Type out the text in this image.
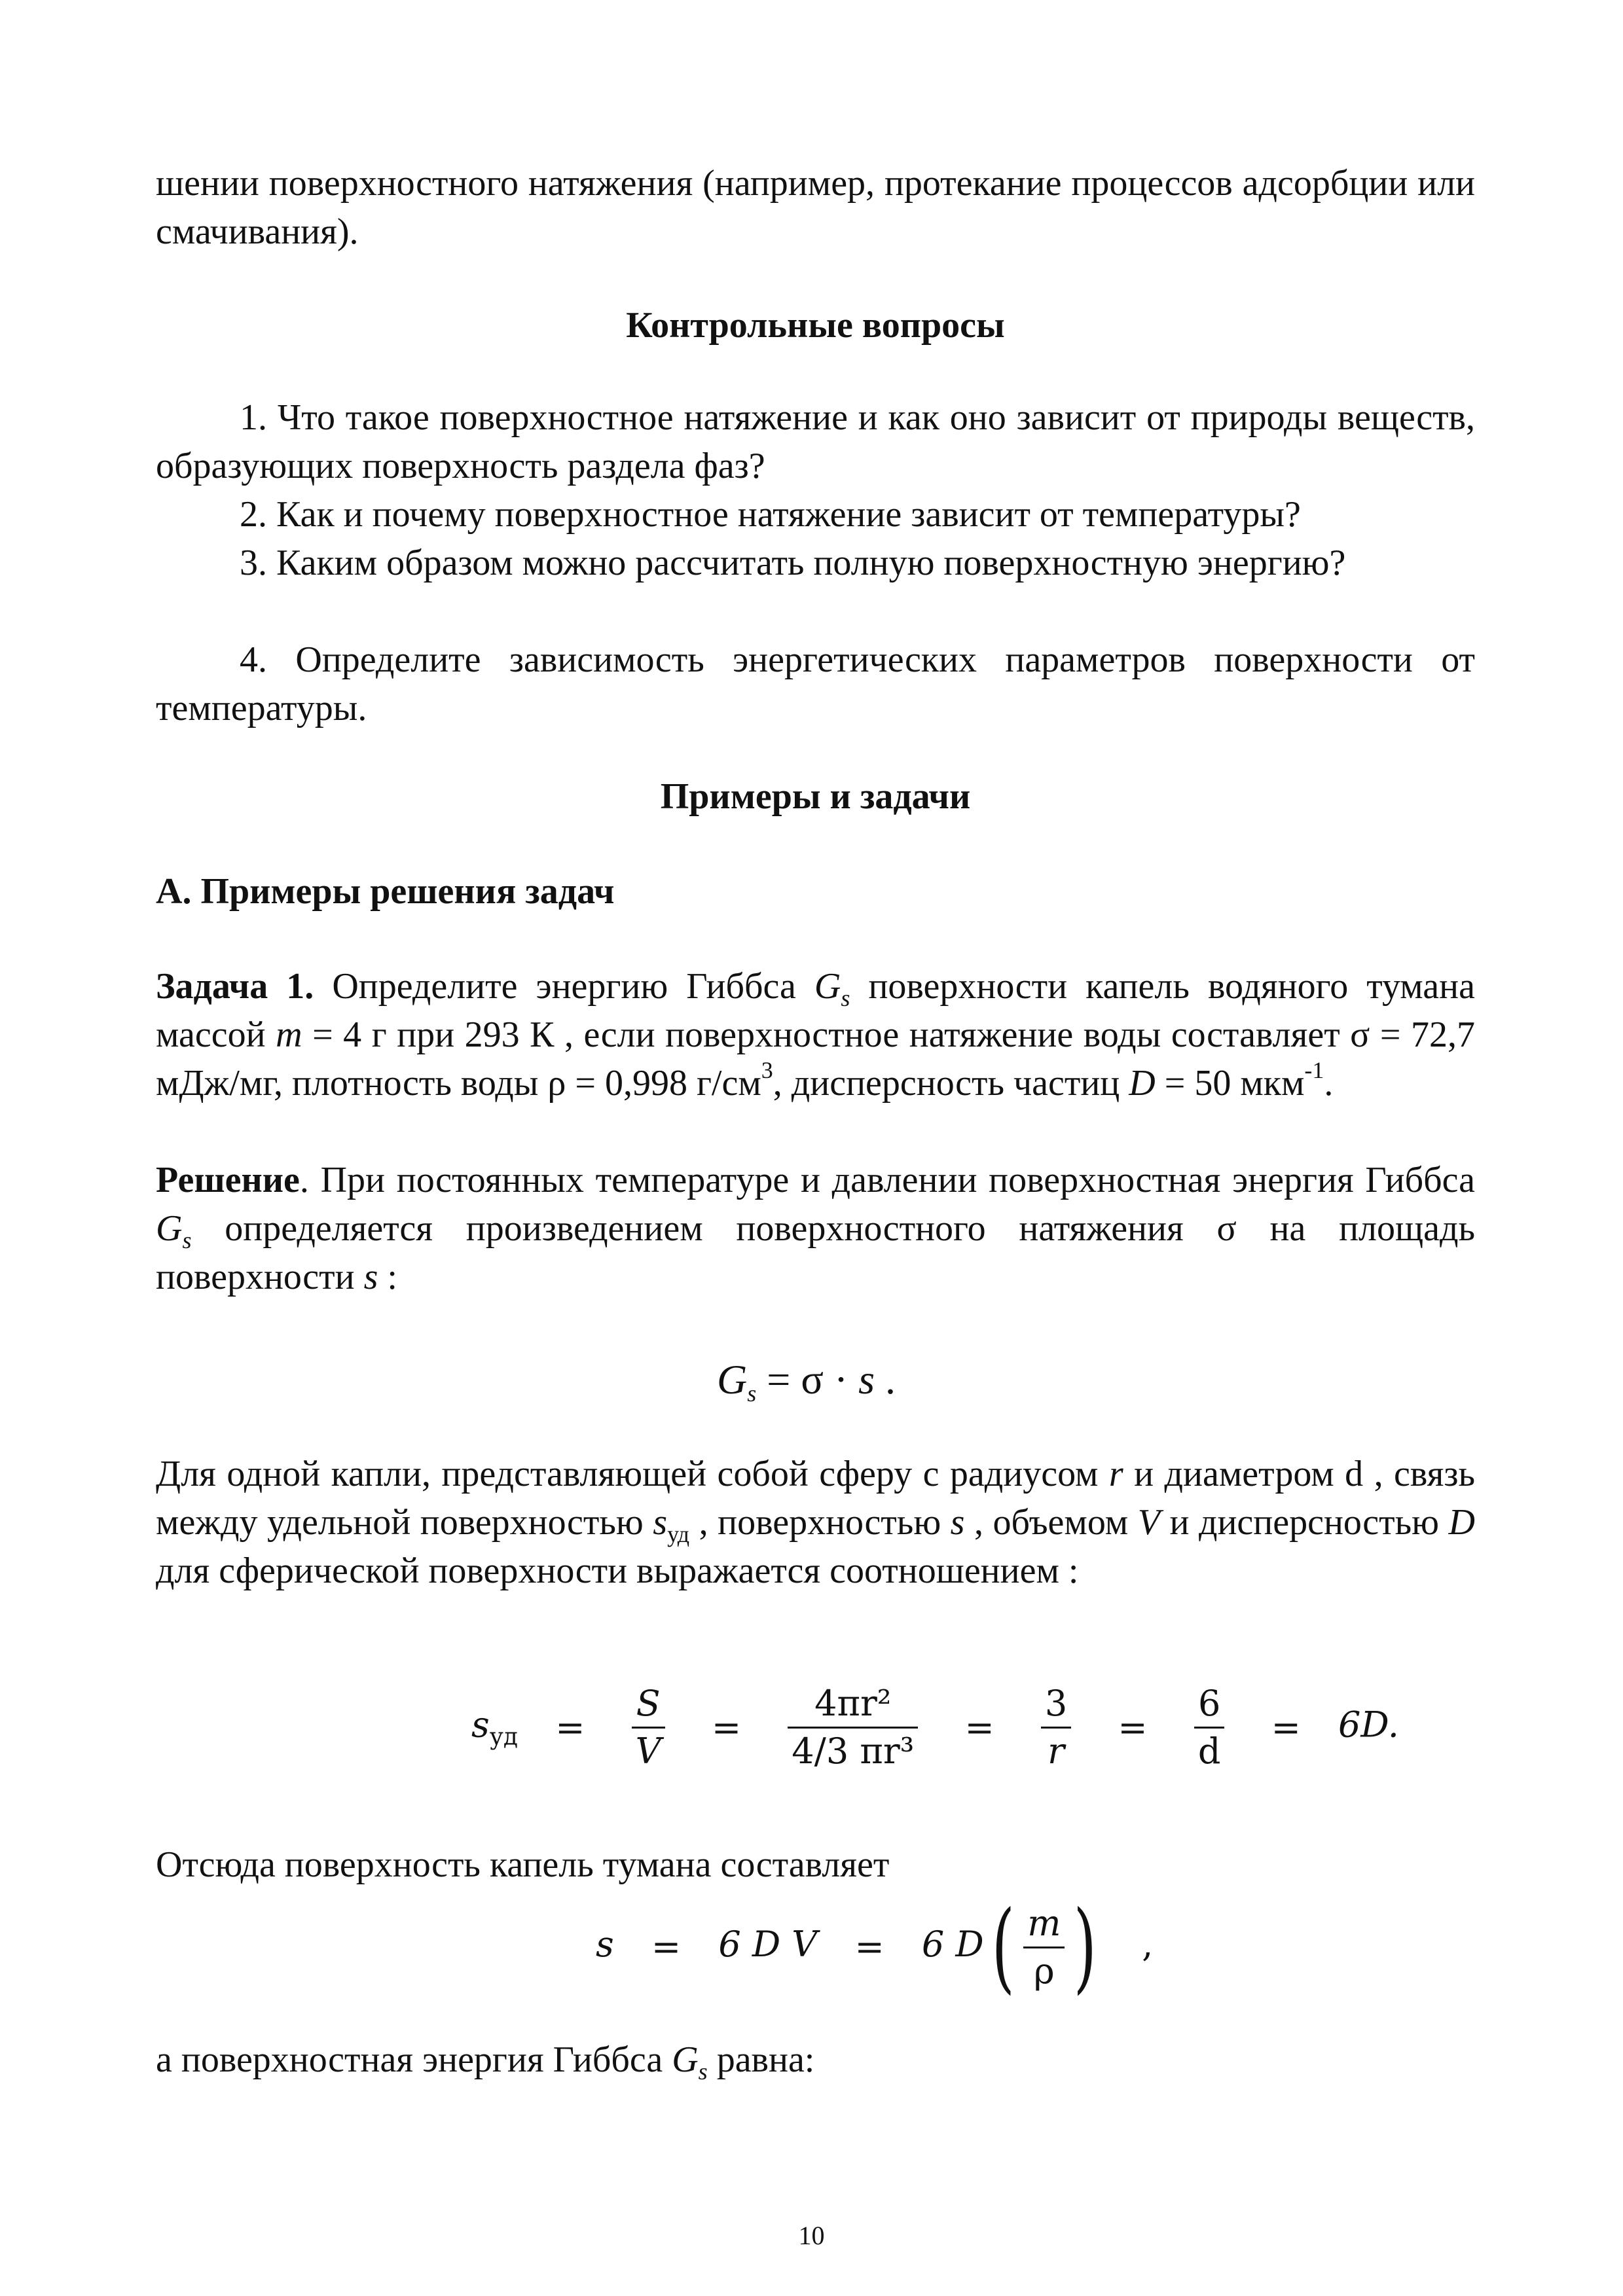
шении поверхностного натяжения (например, протекание процессов адсорбции или смачивания).
Контрольные вопросы
1. Что такое поверхностное натяжение и как оно зависит от природы веществ, образующих поверхность раздела фаз?
2. Как и почему поверхностное натяжение зависит от температуры?
3. Каким образом можно рассчитать полную поверхностную энергию?
4. Определите зависимость энергетических параметров поверхности от температуры.
Примеры и задачи
А. Примеры решения задач
Задача 1. Определите энергию Гиббса $G_s$ поверхности капель водяного тумана массой m = 4 г при 293 К , если поверхностное натяжение воды составляет σ = 72,7 мДж/мг, плотность воды ρ = 0,998 $г/см^3$, дисперсность частиц D = 50 мкм$^{-1}$.
Решение. При постоянных температуре и давлении поверхностная энергия Гиббса $G_s$ определяется произведением поверхностного натяжения σ на площадь поверхности s :
$G_s = \sigma \cdot s$ .
Для одной капли, представляющей собой сферу с радиусом r и диаметром d , связь между удельной поверхностью $s_{уд}$ , поверхностью s , объемом V и дисперсностью D для сферической поверхности выражается соотношением :
$s_{уд} = \frac{S}{V} = \frac{\text{4πr²}}{\text{4/3 πr³}} = \frac{3}{r} = \frac{6}{d} = 6D$.
Отсюда поверхность капель тумана составляет
s = 6 D V = 6 $D( \frac{m}{\rho}$ ) ,
а поверхностная энергия Гиббса $G_s$ равна:
10
